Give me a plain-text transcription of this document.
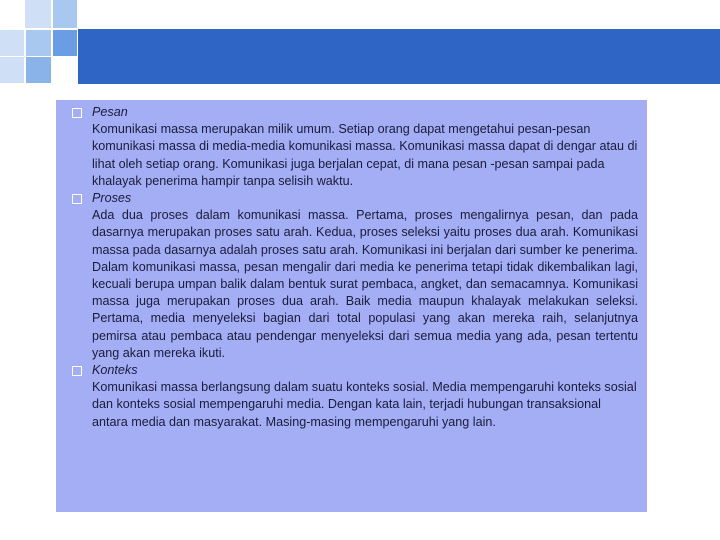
Pesan
Komunikasi massa merupakan milik umum. Setiap orang dapat mengetahui pesan-pesan komunikasi massa di media-media komunikasi massa. Komunikasi massa dapat di dengar atau di lihat oleh setiap orang. Komunikasi juga berjalan cepat, di mana pesan -pesan sampai pada khalayak penerima hampir tanpa selisih waktu.
Proses
Ada dua proses dalam komunikasi massa. Pertama, proses mengalirnya pesan, dan pada dasarnya merupakan proses satu arah. Kedua, proses seleksi yaitu proses dua arah. Komunikasi massa pada dasarnya adalah proses satu arah. Komunikasi ini berjalan dari sumber ke penerima. Dalam komunikasi massa, pesan mengalir dari media ke penerima tetapi tidak dikembalikan lagi, kecuali berupa umpan balik dalam bentuk surat pembaca, angket, dan semacamnya. Komunikasi massa juga merupakan proses dua arah. Baik media maupun khalayak melakukan seleksi. Pertama, media menyeleksi bagian dari total populasi yang akan mereka raih, selanjutnya pemirsa atau pembaca atau pendengar menyeleksi dari semua media yang ada, pesan tertentu yang akan mereka ikuti.
Konteks
Komunikasi massa berlangsung dalam suatu konteks sosial. Media mempengaruhi konteks sosial dan konteks sosial mempengaruhi media. Dengan kata lain, terjadi hubungan transaksional antara media dan masyarakat. Masing-masing mempengaruhi yang lain.
